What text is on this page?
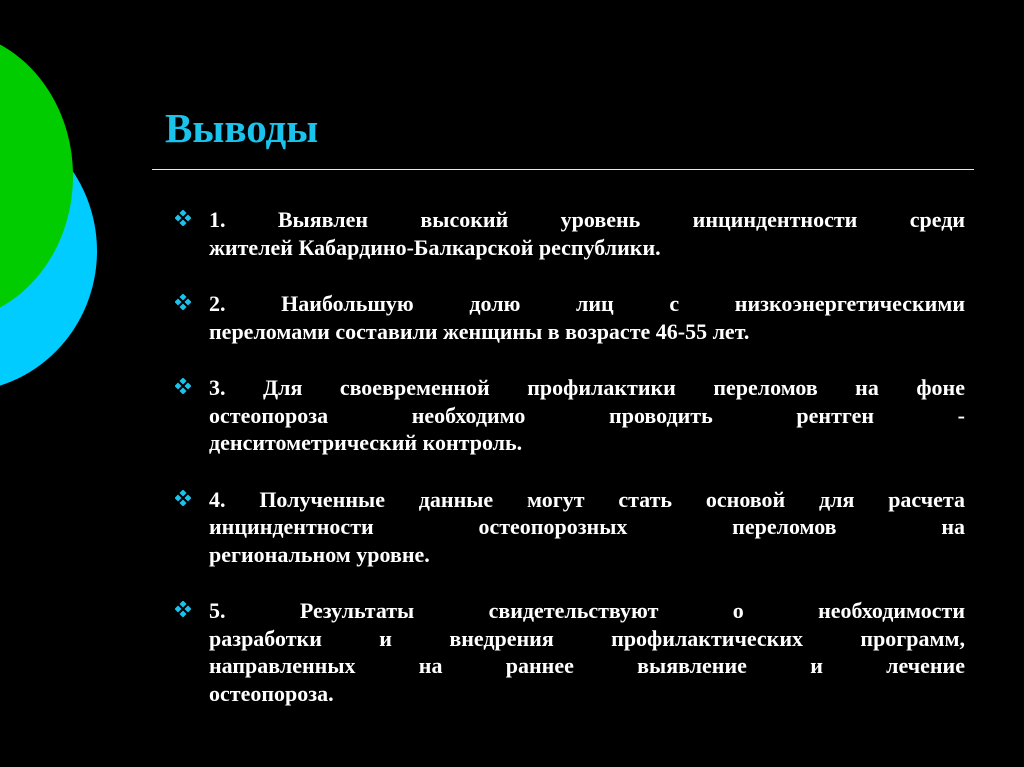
Выводы
1. Выявлен высокий уровень инциндентности среди
жителей Кабардино-Балкарской республики.
2. Наибольшую долю лиц с низкоэнергетическими
переломами составили женщины в возрасте 46-55 лет.
3. Для своевременной профилактики переломов на фоне
остеопороза необходимо проводить рентген -
денситометрический контроль.
4. Полученные данные могут стать основой для расчета
инциндентности остеопорозных переломов на
региональном уровне.
5. Результаты свидетельствуют о необходимости
разработки и внедрения профилактических программ,
направленных на раннее выявление и лечение
остеопороза.
